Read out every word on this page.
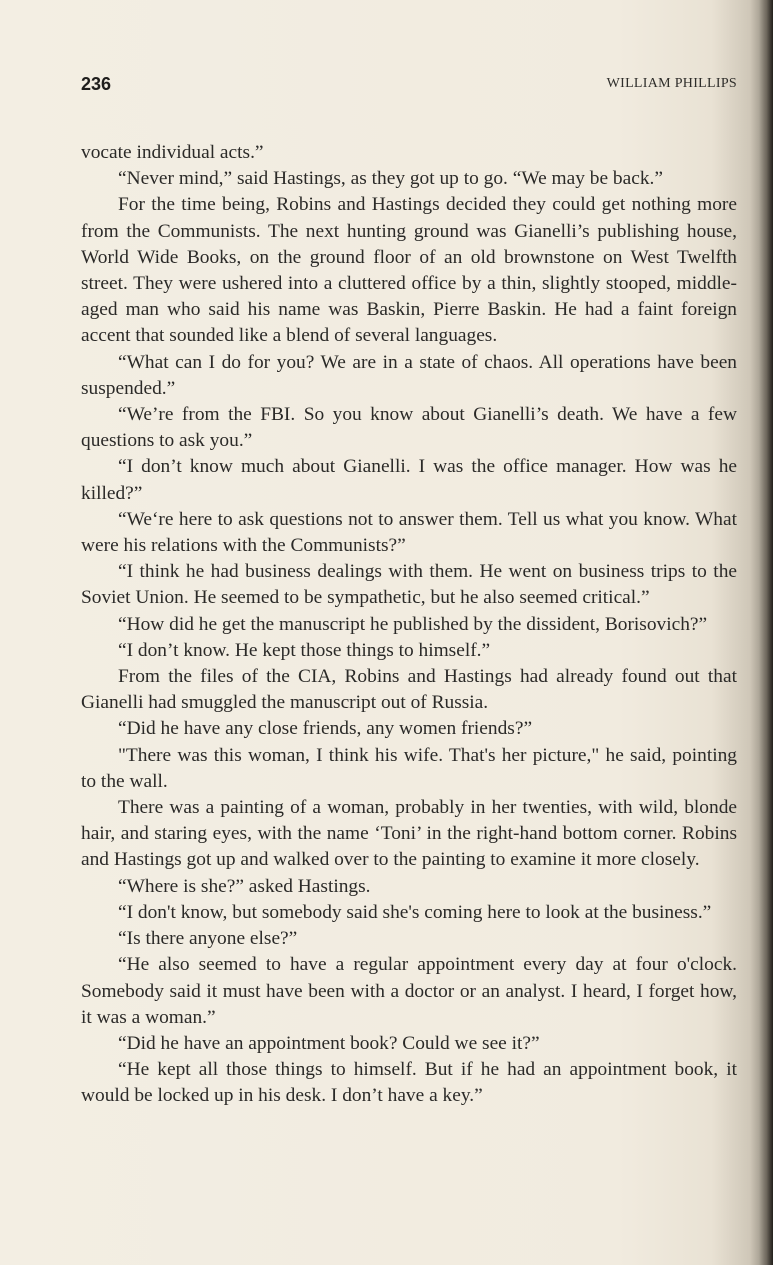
236	WILLIAM PHILLIPS

vocate individual acts.”

“Never mind,” said Hastings, as they got up to go. “We may be back.”

For the time being, Robins and Hastings decided they could get nothing more from the Communists. The next hunting ground was Gianelli’s publishing house, World Wide Books, on the ground floor of an old brownstone on West Twelfth street. They were ushered into a cluttered office by a thin, slightly stooped, middle-aged man who said his name was Baskin, Pierre Baskin. He had a faint foreign accent that sounded like a blend of several languages.

“What can I do for you? We are in a state of chaos. All operations have been suspended.”

“We’re from the FBI. So you know about Gianelli’s death. We have a few questions to ask you.”

“I don’t know much about Gianelli. I was the office manager. How was he killed?”

“We‘re here to ask questions not to answer them. Tell us what you know. What were his relations with the Communists?”

“I think he had business dealings with them. He went on business trips to the Soviet Union. He seemed to be sympathetic, but he also seemed critical.”

“How did he get the manuscript he published by the dissident, Borisovich?”

“I don’t know. He kept those things to himself.”

From the files of the CIA, Robins and Hastings had already found out that Gianelli had smuggled the manuscript out of Russia.

“Did he have any close friends, any women friends?”

"There was this woman, I think his wife. That's her picture," he said, pointing to the wall.

There was a painting of a woman, probably in her twenties, with wild, blonde hair, and staring eyes, with the name ‘Toni’ in the right-hand bottom corner. Robins and Hastings got up and walked over to the painting to examine it more closely.

“Where is she?” asked Hastings.

“I don't know, but somebody said she's coming here to look at the business.”

“Is there anyone else?”

“He also seemed to have a regular appointment every day at four o'clock. Somebody said it must have been with a doctor or an analyst. I heard, I forget how, it was a woman.”

“Did he have an appointment book? Could we see it?”

“He kept all those things to himself. But if he had an appointment book, it would be locked up in his desk. I don’t have a key.”
